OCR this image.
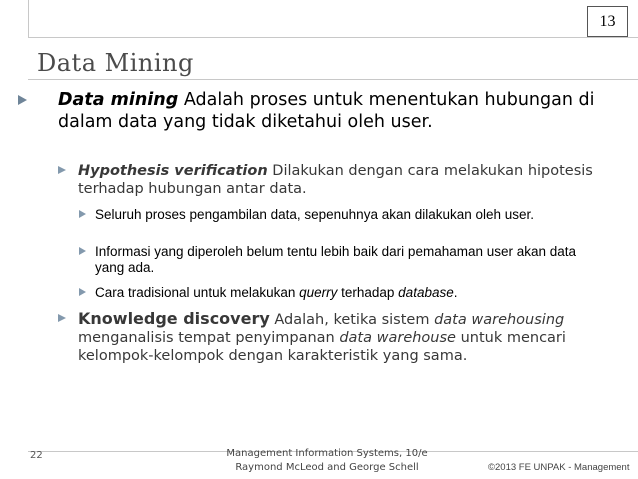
13
Data Mining
Data mining Adalah proses untuk menentukan hubungan di dalam data yang tidak diketahui oleh user.
Hypothesis verification Dilakukan dengan cara melakukan hipotesis terhadap hubungan antar data.
Seluruh proses pengambilan data, sepenuhnya akan dilakukan oleh user.
Informasi yang diperoleh belum tentu lebih baik dari pemahaman user akan data yang ada.
Cara tradisional untuk melakukan querry terhadap database.
Knowledge discovery Adalah, ketika sistem data warehousing menganalisis tempat penyimpanan data warehouse untuk mencari kelompok-kelompok dengan karakteristik yang sama.
22	Management Information Systems, 10/e
Raymond McLeod and George Schell	©2013 FE UNPAK - Management
